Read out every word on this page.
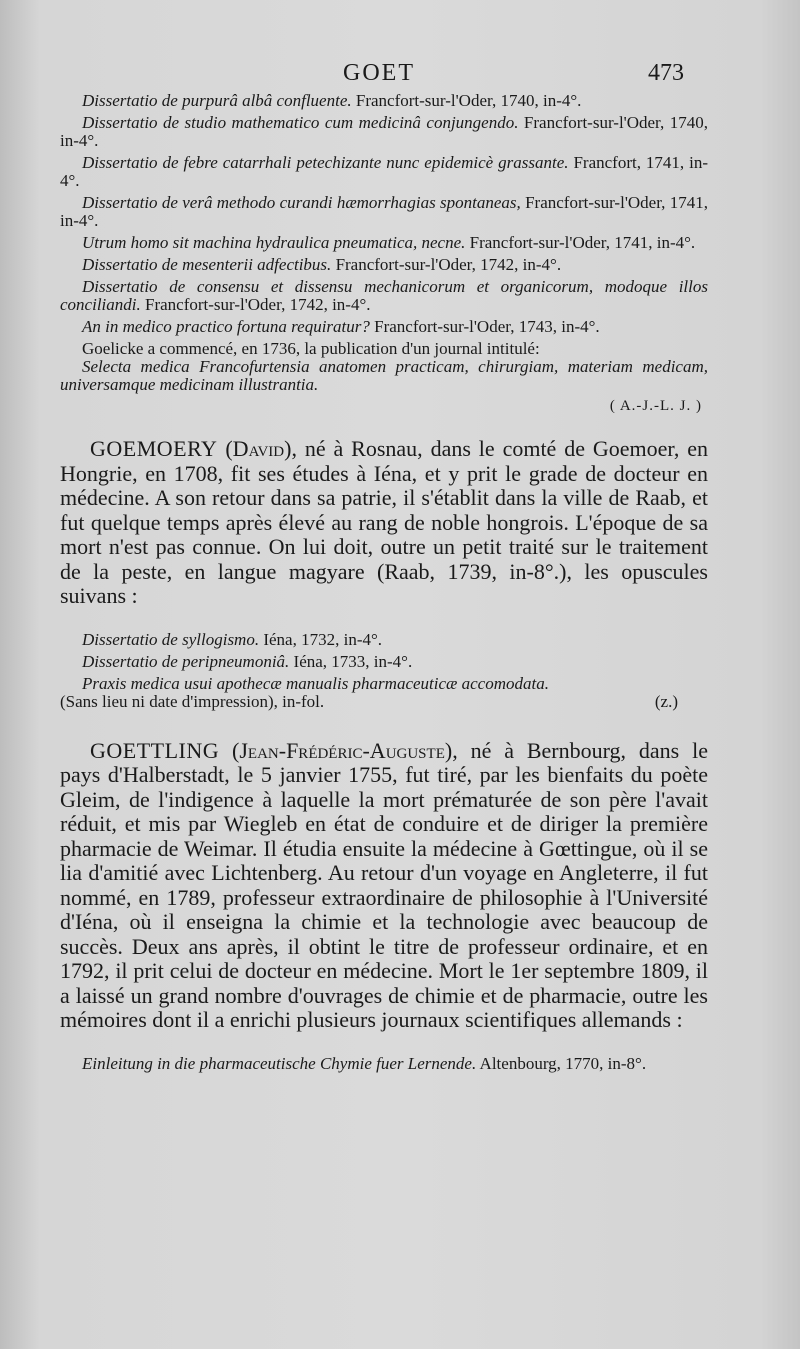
GOET	473

Dissertatio de purpurâ albâ confluente. Francfort-sur-l'Oder, 1740, in-4°.

Dissertatio de studio mathematico cum medicinâ conjungendo. Francfort-sur-l'Oder, 1740, in-4°.

Dissertatio de febre catarrhali petechizante nunc epidemicè grassante. Francfort, 1741, in-4°.

Dissertatio de verâ methodo curandi hæmorrhagias spontaneas, Francfort-sur-l'Oder, 1741, in-4°.

Utrum homo sit machina hydraulica pneumatica, necne. Francfort-sur-l'Oder, 1741, in-4°.

Dissertatio de mesenterii adfectibus. Francfort-sur-l'Oder, 1742, in-4°.

Dissertatio de consensu et dissensu mechanicorum et organicorum, modoque illos conciliandi. Francfort-sur-l'Oder, 1742, in-4°.

An in medico practico fortuna requiratur? Francfort-sur-l'Oder, 1743, in-4°.

Goelicke a commencé, en 1736, la publication d'un journal intitulé:

Selecta medica Francofurtensia anatomen practicam, chirurgiam, materiam medicam, universamque medicinam illustrantia.

( A.-J.-L. J. )

GOEMOERY (David), né à Rosnau, dans le comté de Goemoer, en Hongrie, en 1708, fit ses études à Iéna, et y prit le grade de docteur en médecine. A son retour dans sa patrie, il s'établit dans la ville de Raab, et fut quelque temps après élevé au rang de noble hongrois. L'époque de sa mort n'est pas connue. On lui doit, outre un petit traité sur le traitement de la peste, en langue magyare (Raab, 1739, in-8°.), les opuscules suivans :

Dissertatio de syllogismo. Iéna, 1732, in-4°.

Dissertatio de peripneumoniâ. Iéna, 1733, in-4°.

Praxis medica usui apothecæ manualis pharmaceuticæ accomodata.

(Sans lieu ni date d'impression), in-fol.	(z.)

GOETTLING (Jean-Frédéric-Auguste), né à Bernbourg, dans le pays d'Halberstadt, le 5 janvier 1755, fut tiré, par les bienfaits du poète Gleim, de l'indigence à laquelle la mort prématurée de son père l'avait réduit, et mis par Wiegleb en état de conduire et de diriger la première pharmacie de Weimar. Il étudia ensuite la médecine à Gœttingue, où il se lia d'amitié avec Lichtenberg. Au retour d'un voyage en Angleterre, il fut nommé, en 1789, professeur extraordinaire de philosophie à l'Université d'Iéna, où il enseigna la chimie et la technologie avec beaucoup de succès. Deux ans après, il obtint le titre de professeur ordinaire, et en 1792, il prit celui de docteur en médecine. Mort le 1er septembre 1809, il a laissé un grand nombre d'ouvrages de chimie et de pharmacie, outre les mémoires dont il a enrichi plusieurs journaux scientifiques allemands :

Einleitung in die pharmaceutische Chymie fuer Lernende. Altenbourg, 1770, in-8°.
